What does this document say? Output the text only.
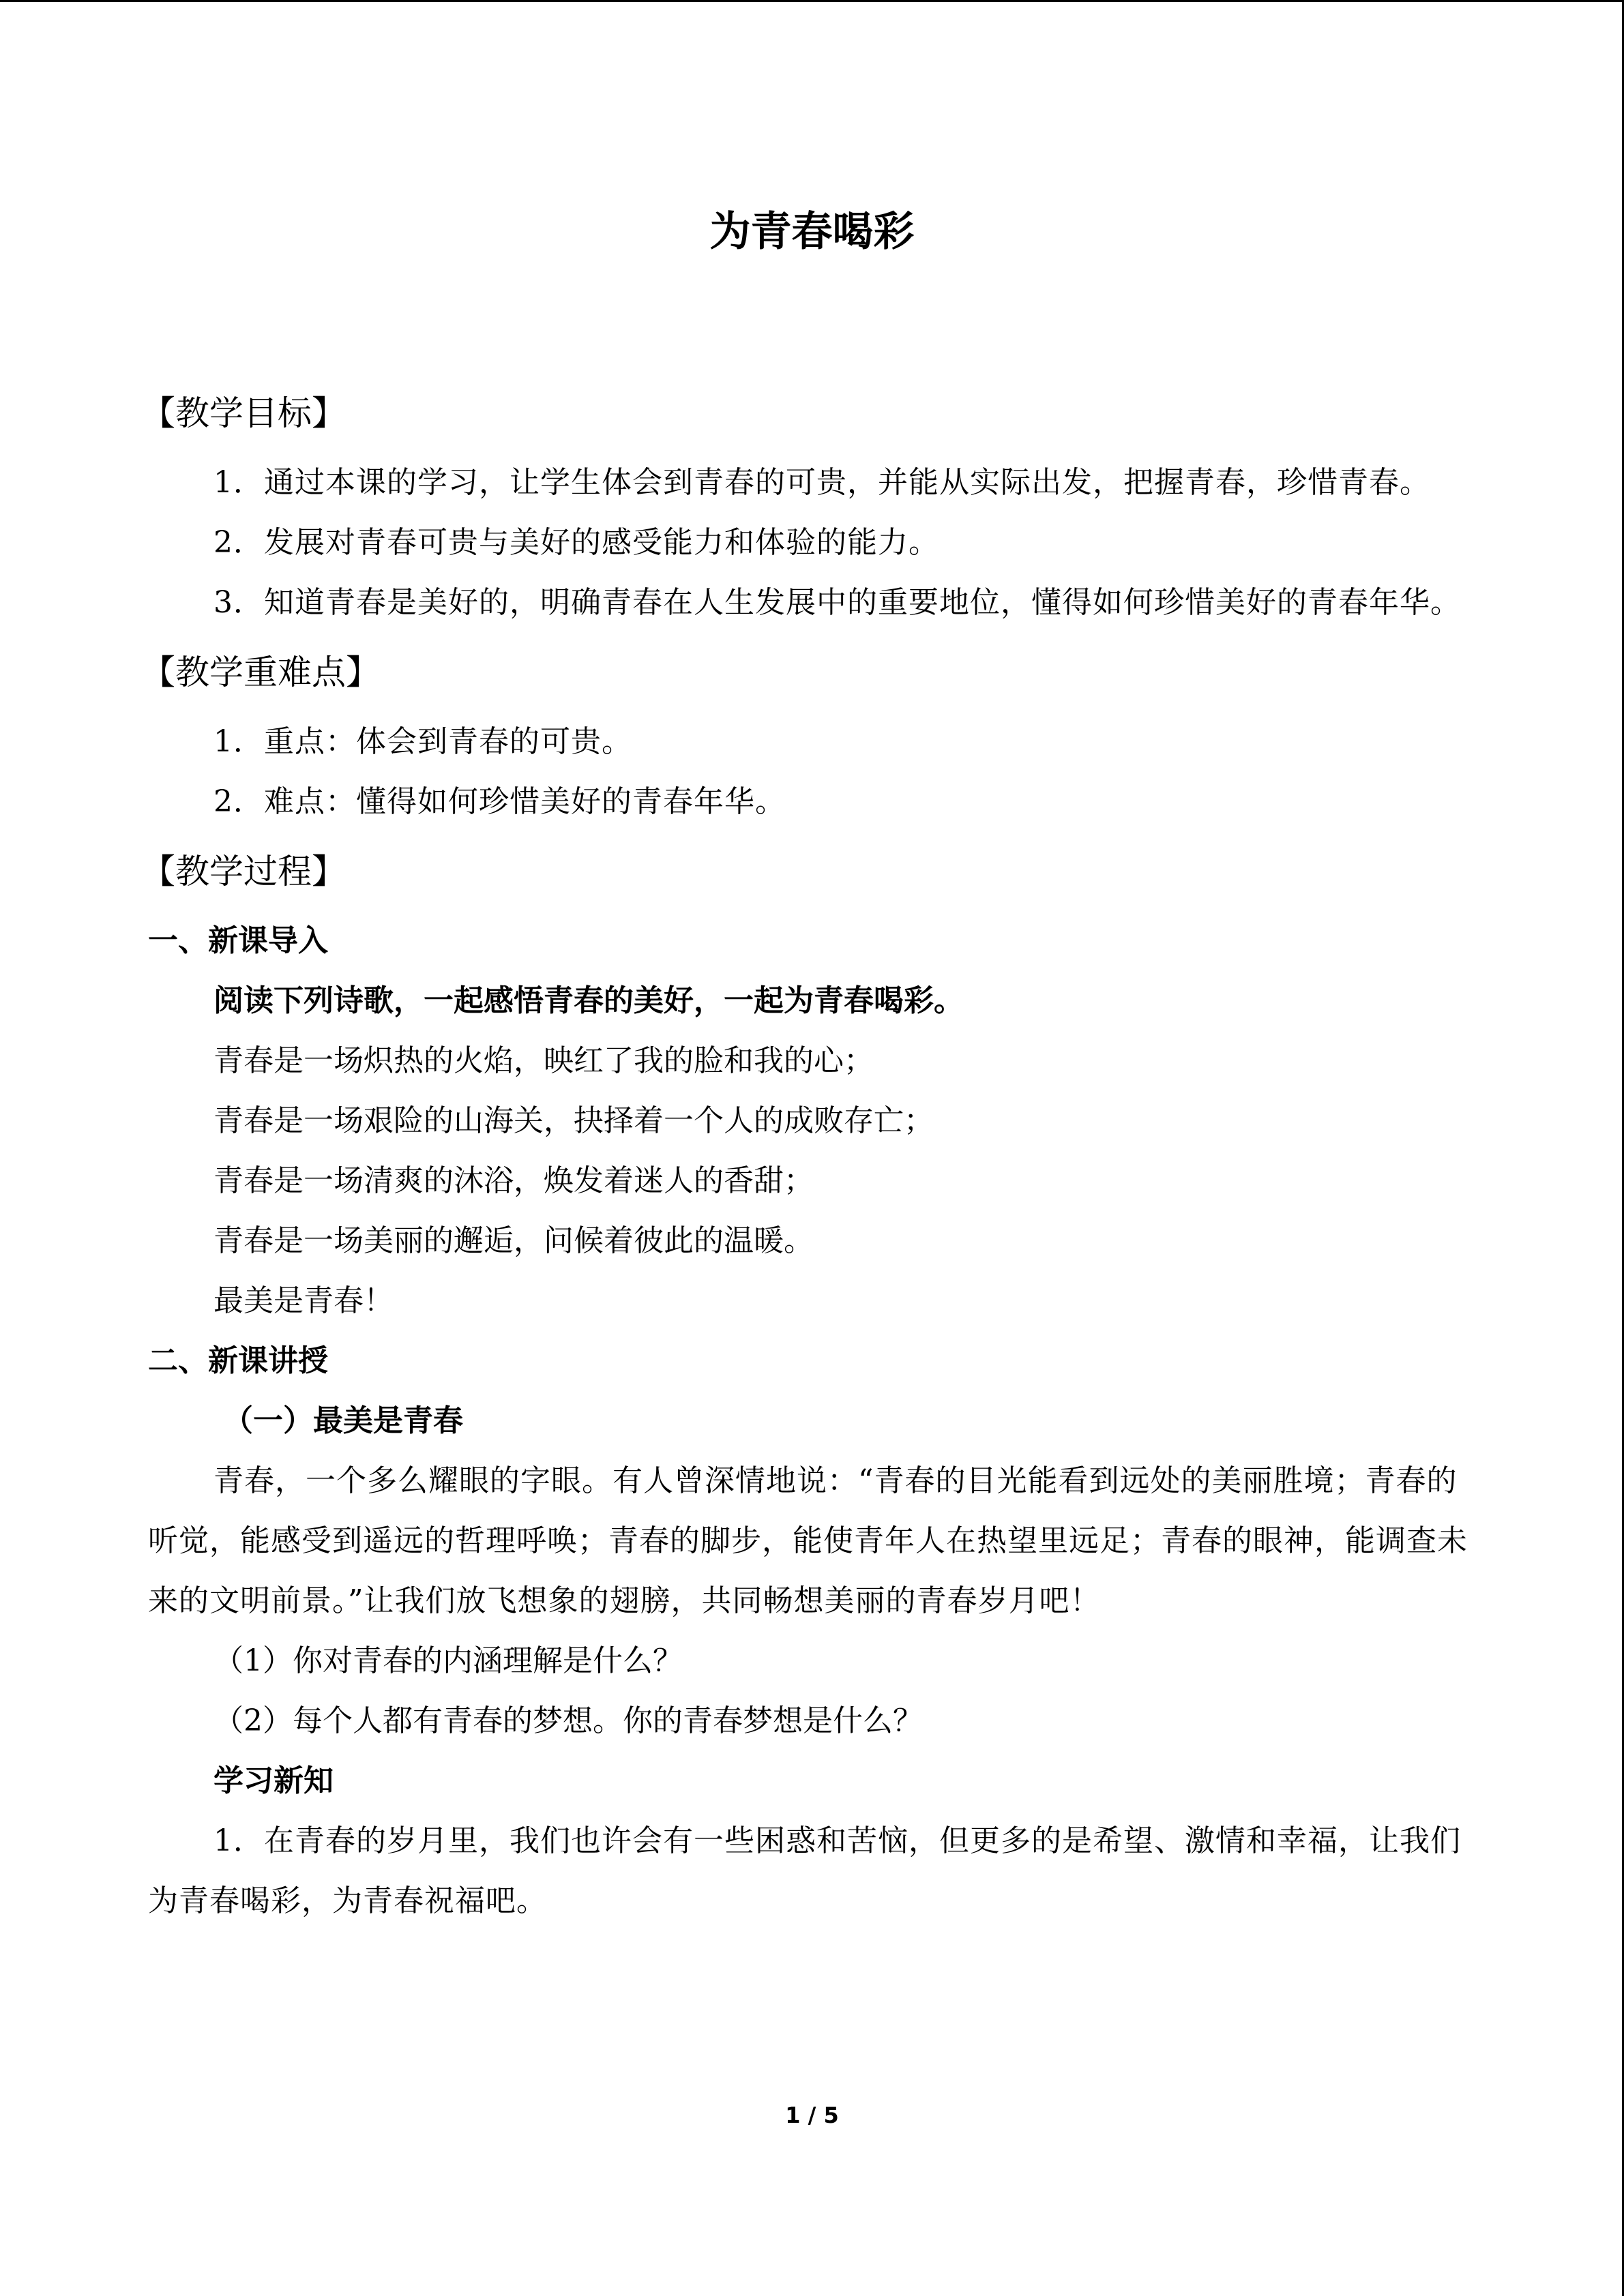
为青春喝彩
【教学目标】

1．通过本课的学习，让学生体会到青春的可贵，并能从实际出发，把握青春，珍惜青春。

2．发展对青春可贵与美好的感受能力和体验的能力。

3．知道青春是美好的，明确青春在人生发展中的重要地位，懂得如何珍惜美好的青春年华。

【教学重难点】

1．重点：体会到青春的可贵。

2．难点：懂得如何珍惜美好的青春年华。

【教学过程】

一、新课导入

阅读下列诗歌，一起感悟青春的美好，一起为青春喝彩。

青春是一场炽热的火焰，映红了我的脸和我的心；

青春是一场艰险的山海关，抉择着一个人的成败存亡；

青春是一场清爽的沐浴，焕发着迷人的香甜；

青春是一场美丽的邂逅，问候着彼此的温暖。

最美是青春！

二、新课讲授

（一）最美是青春

青春，一个多么耀眼的字眼。有人曾深情地说：“青春的目光能看到远处的美丽胜境；青春的听觉，能感受到遥远的哲理呼唤；青春的脚步，能使青年人在热望里远足；青春的眼神，能调查未来的文明前景。”让我们放飞想象的翅膀，共同畅想美丽的青春岁月吧！

（1）你对青春的内涵理解是什么？

（2）每个人都有青春的梦想。你的青春梦想是什么？

学习新知

1．在青春的岁月里，我们也许会有一些困惑和苦恼，但更多的是希望、激情和幸福，让我们为青春喝彩，为青春祝福吧。

1 / 5
